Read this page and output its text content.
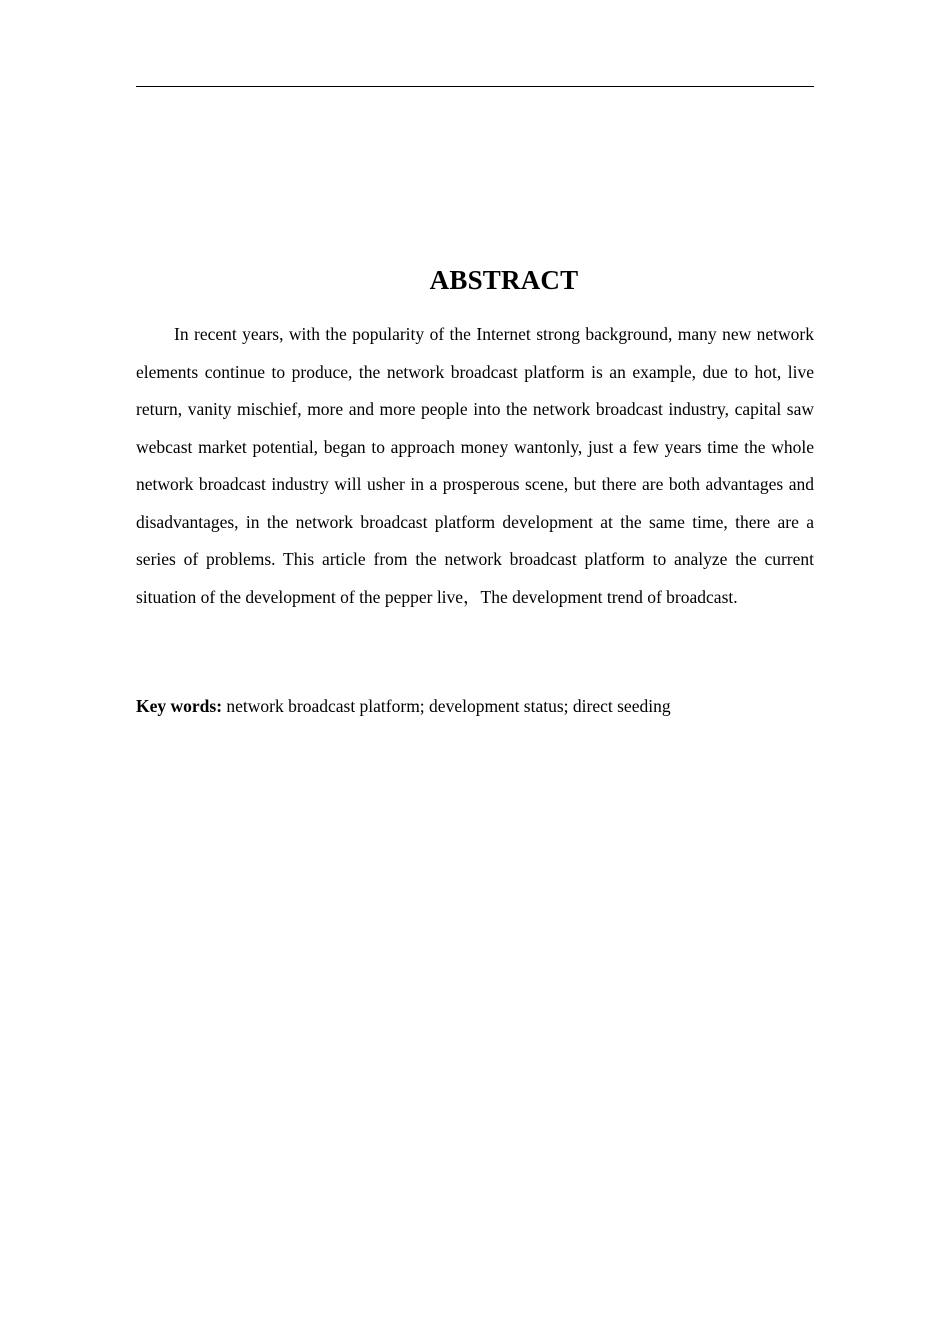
ABSTRACT

In recent years, with the popularity of the Internet strong background, many new network elements continue to produce, the network broadcast platform is an example, due to hot, live return, vanity mischief, more and more people into the network broadcast industry, capital saw webcast market potential, began to approach money wantonly, just a few years time the whole network broadcast industry will usher in a prosperous scene, but there are both advantages and disadvantages, in the network broadcast platform development at the same time, there are a series of problems. This article from the network broadcast platform to analyze the current situation of the development of the pepper live，The development trend of broadcast.

Key words: network broadcast platform; development status; direct seeding
